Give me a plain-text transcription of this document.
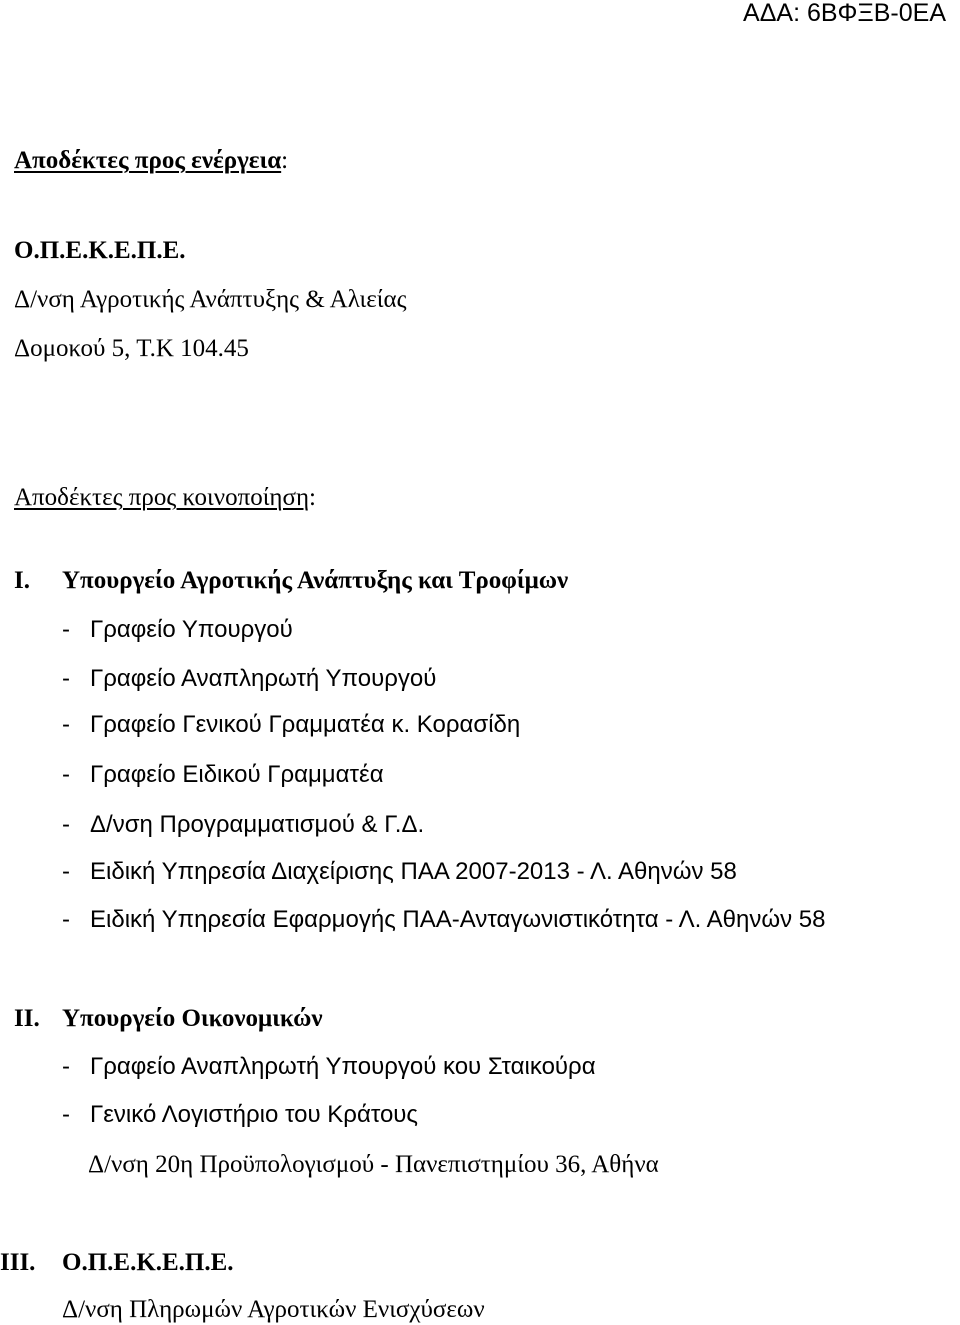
ΑΔΑ: 6ΒΦΞΒ-0ΕΑ
Αποδέκτες προς ενέργεια:
Ο.Π.Ε.Κ.Ε.Π.Ε.
Δ/νση Αγροτικής Ανάπτυξης & Αλιείας
Δομοκού 5, Τ.Κ 104.45
Αποδέκτες προς κοινοποίηση:
I. Υπουργείο Αγροτικής Ανάπτυξης και Τροφίμων
- Γραφείο Υπουργού
- Γραφείο Αναπληρωτή Υπουργού
- Γραφείο Γενικού Γραμματέα κ. Κορασίδη
- Γραφείο Ειδικού Γραμματέα
- Δ/νση Προγραμματισμού & Γ.Δ.
- Ειδική Υπηρεσία Διαχείρισης ΠΑΑ 2007-2013 - Λ. Αθηνών 58
- Ειδική Υπηρεσία Εφαρμογής ΠΑΑ-Ανταγωνιστικότητα - Λ. Αθηνών 58
II. Υπουργείο Οικονομικών
- Γραφείο Αναπληρωτή Υπουργού κου Σταικούρα
- Γενικό Λογιστήριο του Κράτους
Δ/νση 20η Προϋπολογισμού - Πανεπιστημίου 36, Αθήνα
III. Ο.Π.Ε.Κ.Ε.Π.Ε.
Δ/νση Πληρωμών Αγροτικών Ενισχύσεων
